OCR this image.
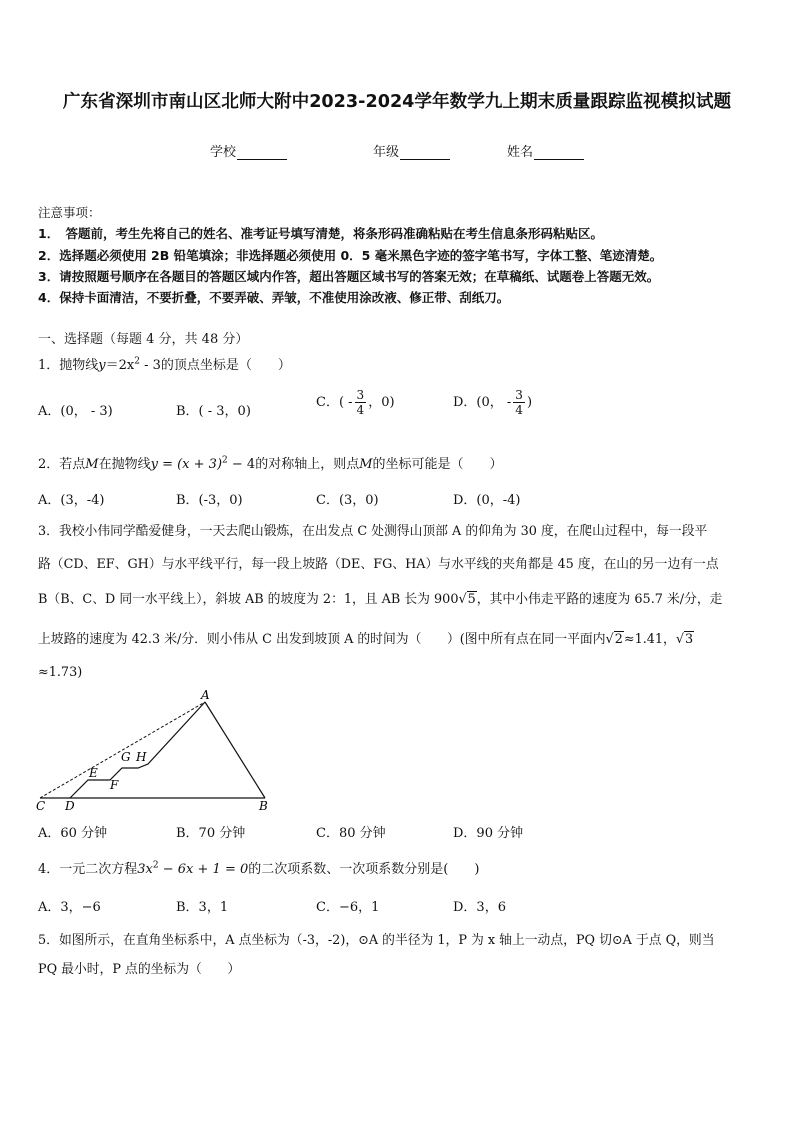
广东省深圳市南山区北师大附中2023-2024学年数学九上期末质量跟踪监视模拟试题
学校	年级	姓名
注意事项：
1．　答题前，考生先将自己的姓名、准考证号填写清楚，将条形码准确粘贴在考生信息条形码粘贴区。
2．选择题必须使用 2B 铅笔填涂；非选择题必须使用 0．5 毫米黑色字迹的签字笔书写，字体工整、笔迹清楚。
3．请按照题号顺序在各题目的答题区域内作答，超出答题区域书写的答案无效；在草稿纸、试题卷上答题无效。
4．保持卡面清洁，不要折叠，不要弄破、弄皱，不准使用涂改液、修正带、刮纸刀。
一、选择题（每题 4 分，共 48 分）
1．抛物线$y=2x^2 - 3$的顶点坐标是（　　）
A．(0， - 3)	B．( - 3，0)
C．( - $\frac{3}{4}$ ，0)	D．(0， - $\frac{3}{4}$ )
2．若点M在抛物线$y = (x + 3)^2 - 4$的对称轴上，则点M的坐标可能是（　　）
A．(3，-4)	B．(-3，0)	C．(3，0)	D．(0，-4)
3．我校小伟同学酷爱健身，一天去爬山锻炼，在出发点 C 处测得山顶部 A 的仰角为 30 度，在爬山过程中，每一段平
路（CD、EF、GH）与水平线平行，每一段上坡路（DE、FG、HA）与水平线的夹角都是 45 度，在山的另一边有一点
B（B、C、D 同一水平线上），斜坡 AB 的坡度为 2：1，且 AB 长为 900√5，其中小伟走平路的速度为 65.7 米/分，走
上坡路的速度为 42.3 米/分．则小伟从 C 出发到坡顶 A 的时间为（　　）(图中所有点在同一平面内√2≈1.41，√3
≈1.73)
A
B
C D
E
F
G H
A．60 分钟	B．70 分钟	C．80 分钟	D．90 分钟
4．一元二次方程$3x^2 - 6x + 1 = 0$的二次项系数、一次项系数分别是(　　)
A．3，−6	B．3，1	C．−6，1	D．3，6
5．如图所示，在直角坐标系中，A 点坐标为（-3，-2)，⊙A 的半径为 1，P 为 x 轴上一动点，PQ 切⊙A 于点 Q，则当
PQ 最小时，P 点的坐标为（　　）
